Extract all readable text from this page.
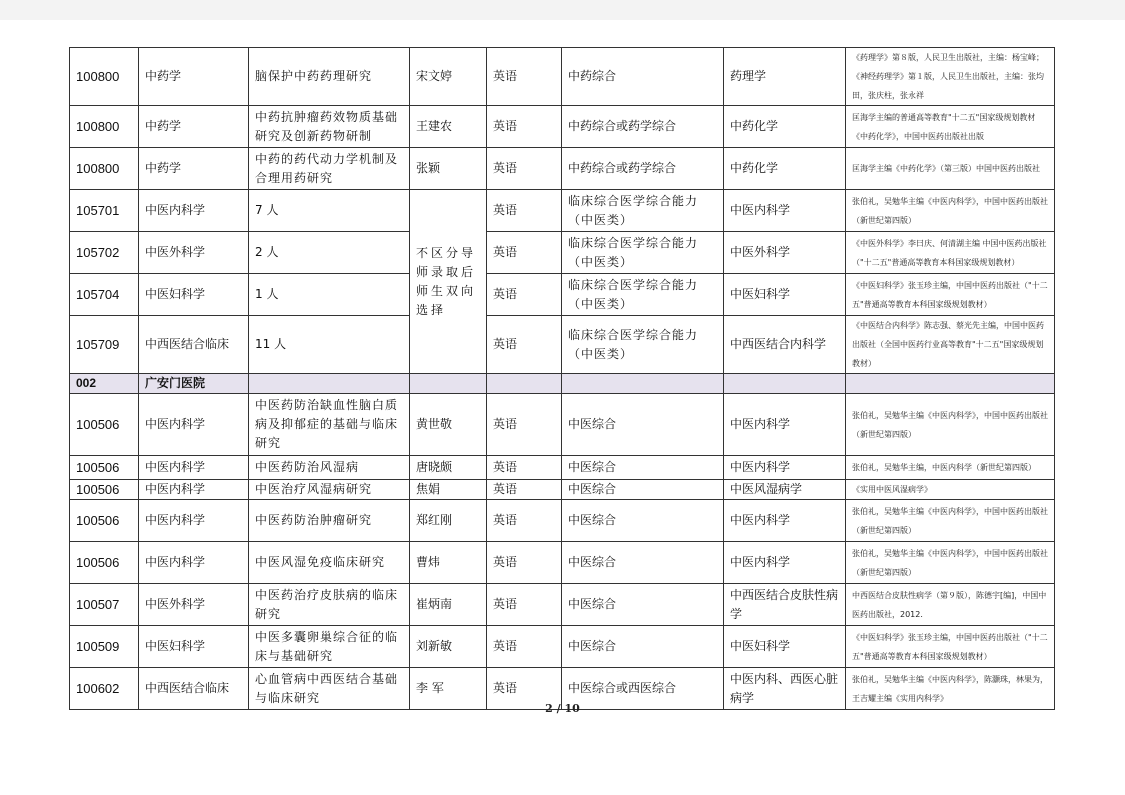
100800	中药学	脑保护中药药理研究	宋文婷	英语	中药综合	药理学	《药理学》第８版，人民卫生出版社，主编：杨宝峰；《神经药理学》第１版，人民卫生出版社，主编：张均田，张庆柱，张永祥
100800	中药学	中药抗肿瘤药效物质基础研究及创新药物研制	王建农	英语	中药综合或药学综合	中药化学	匡海学主编的普通高等教育"十二五"国家级规划教材《中药化学》，中国中医药出版社出版
100800	中药学	中药的药代动力学机制及合理用药研究	张颖	英语	中药综合或药学综合	中药化学	匡海学主编《中药化学》（第三版）中国中医药出版社
105701	中医内科学	7 人	不区分导师录取后师生双向选择	英语	临床综合医学综合能力（中医类）	中医内科学	张伯礼，吴勉华主编《中医内科学》，中国中医药出版社（新世纪第四版）
105702	中医外科学	2 人		英语	临床综合医学综合能力（中医类）	中医外科学	《中医外科学》李曰庆、何清湖主编 中国中医药出版社（"十二五"普通高等教育本科国家级规划教材）
105704	中医妇科学	1 人		英语	临床综合医学综合能力（中医类）	中医妇科学	《中医妇科学》张玉珍主编，中国中医药出版社（"十二五"普通高等教育本科国家级规划教材）
105709	中西医结合临床	11 人		英语	临床综合医学综合能力（中医类）	中西医结合内科学	《中医结合内科学》陈志强、蔡光先主编，中国中医药出版社（全国中医药行业高等教育"十二五"国家级规划教材）
002	广安门医院						
100506	中医内科学	中医药防治缺血性脑白质病及抑郁症的基础与临床研究	黄世敬	英语	中医综合	中医内科学	张伯礼，吴勉华主编《中医内科学》，中国中医药出版社（新世纪第四版）
100506	中医内科学	中医药防治风湿病	唐晓颇	英语	中医综合	中医内科学	张伯礼，吴勉华主编，中医内科学（新世纪第四版）
100506	中医内科学	中医治疗风湿病研究	焦娟	英语	中医综合	中医风湿病学	《实用中医风湿病学》
100506	中医内科学	中医药防治肿瘤研究	郑红刚	英语	中医综合	中医内科学	张伯礼，吴勉华主编《中医内科学》，中国中医药出版社（新世纪第四版）
100506	中医内科学	中医风湿免疫临床研究	曹炜	英语	中医综合	中医内科学	张伯礼，吴勉华主编《中医内科学》，中国中医药出版社（新世纪第四版）
100507	中医外科学	中医药治疗皮肤病的临床研究	崔炳南	英语	中医综合	中西医结合皮肤性病学	中西医结合皮肤性病学（第９版），陈德宇[编]，中国中医药出版社，2012.
100509	中医妇科学	中医多囊卵巢综合征的临床与基础研究	刘新敏	英语	中医综合	中医妇科学	《中医妇科学》张玉珍主编，中国中医药出版社（"十二五"普通高等教育本科国家级规划教材）
100602	中西医结合临床	心血管病中西医结合基础与临床研究	李 军	英语	中医综合或西医综合	中医内科、西医心脏病学	张伯礼，吴勉华主编《中医内科学》，陈灏珠，林果为，王吉耀主编《实用内科学》
2 / 10
